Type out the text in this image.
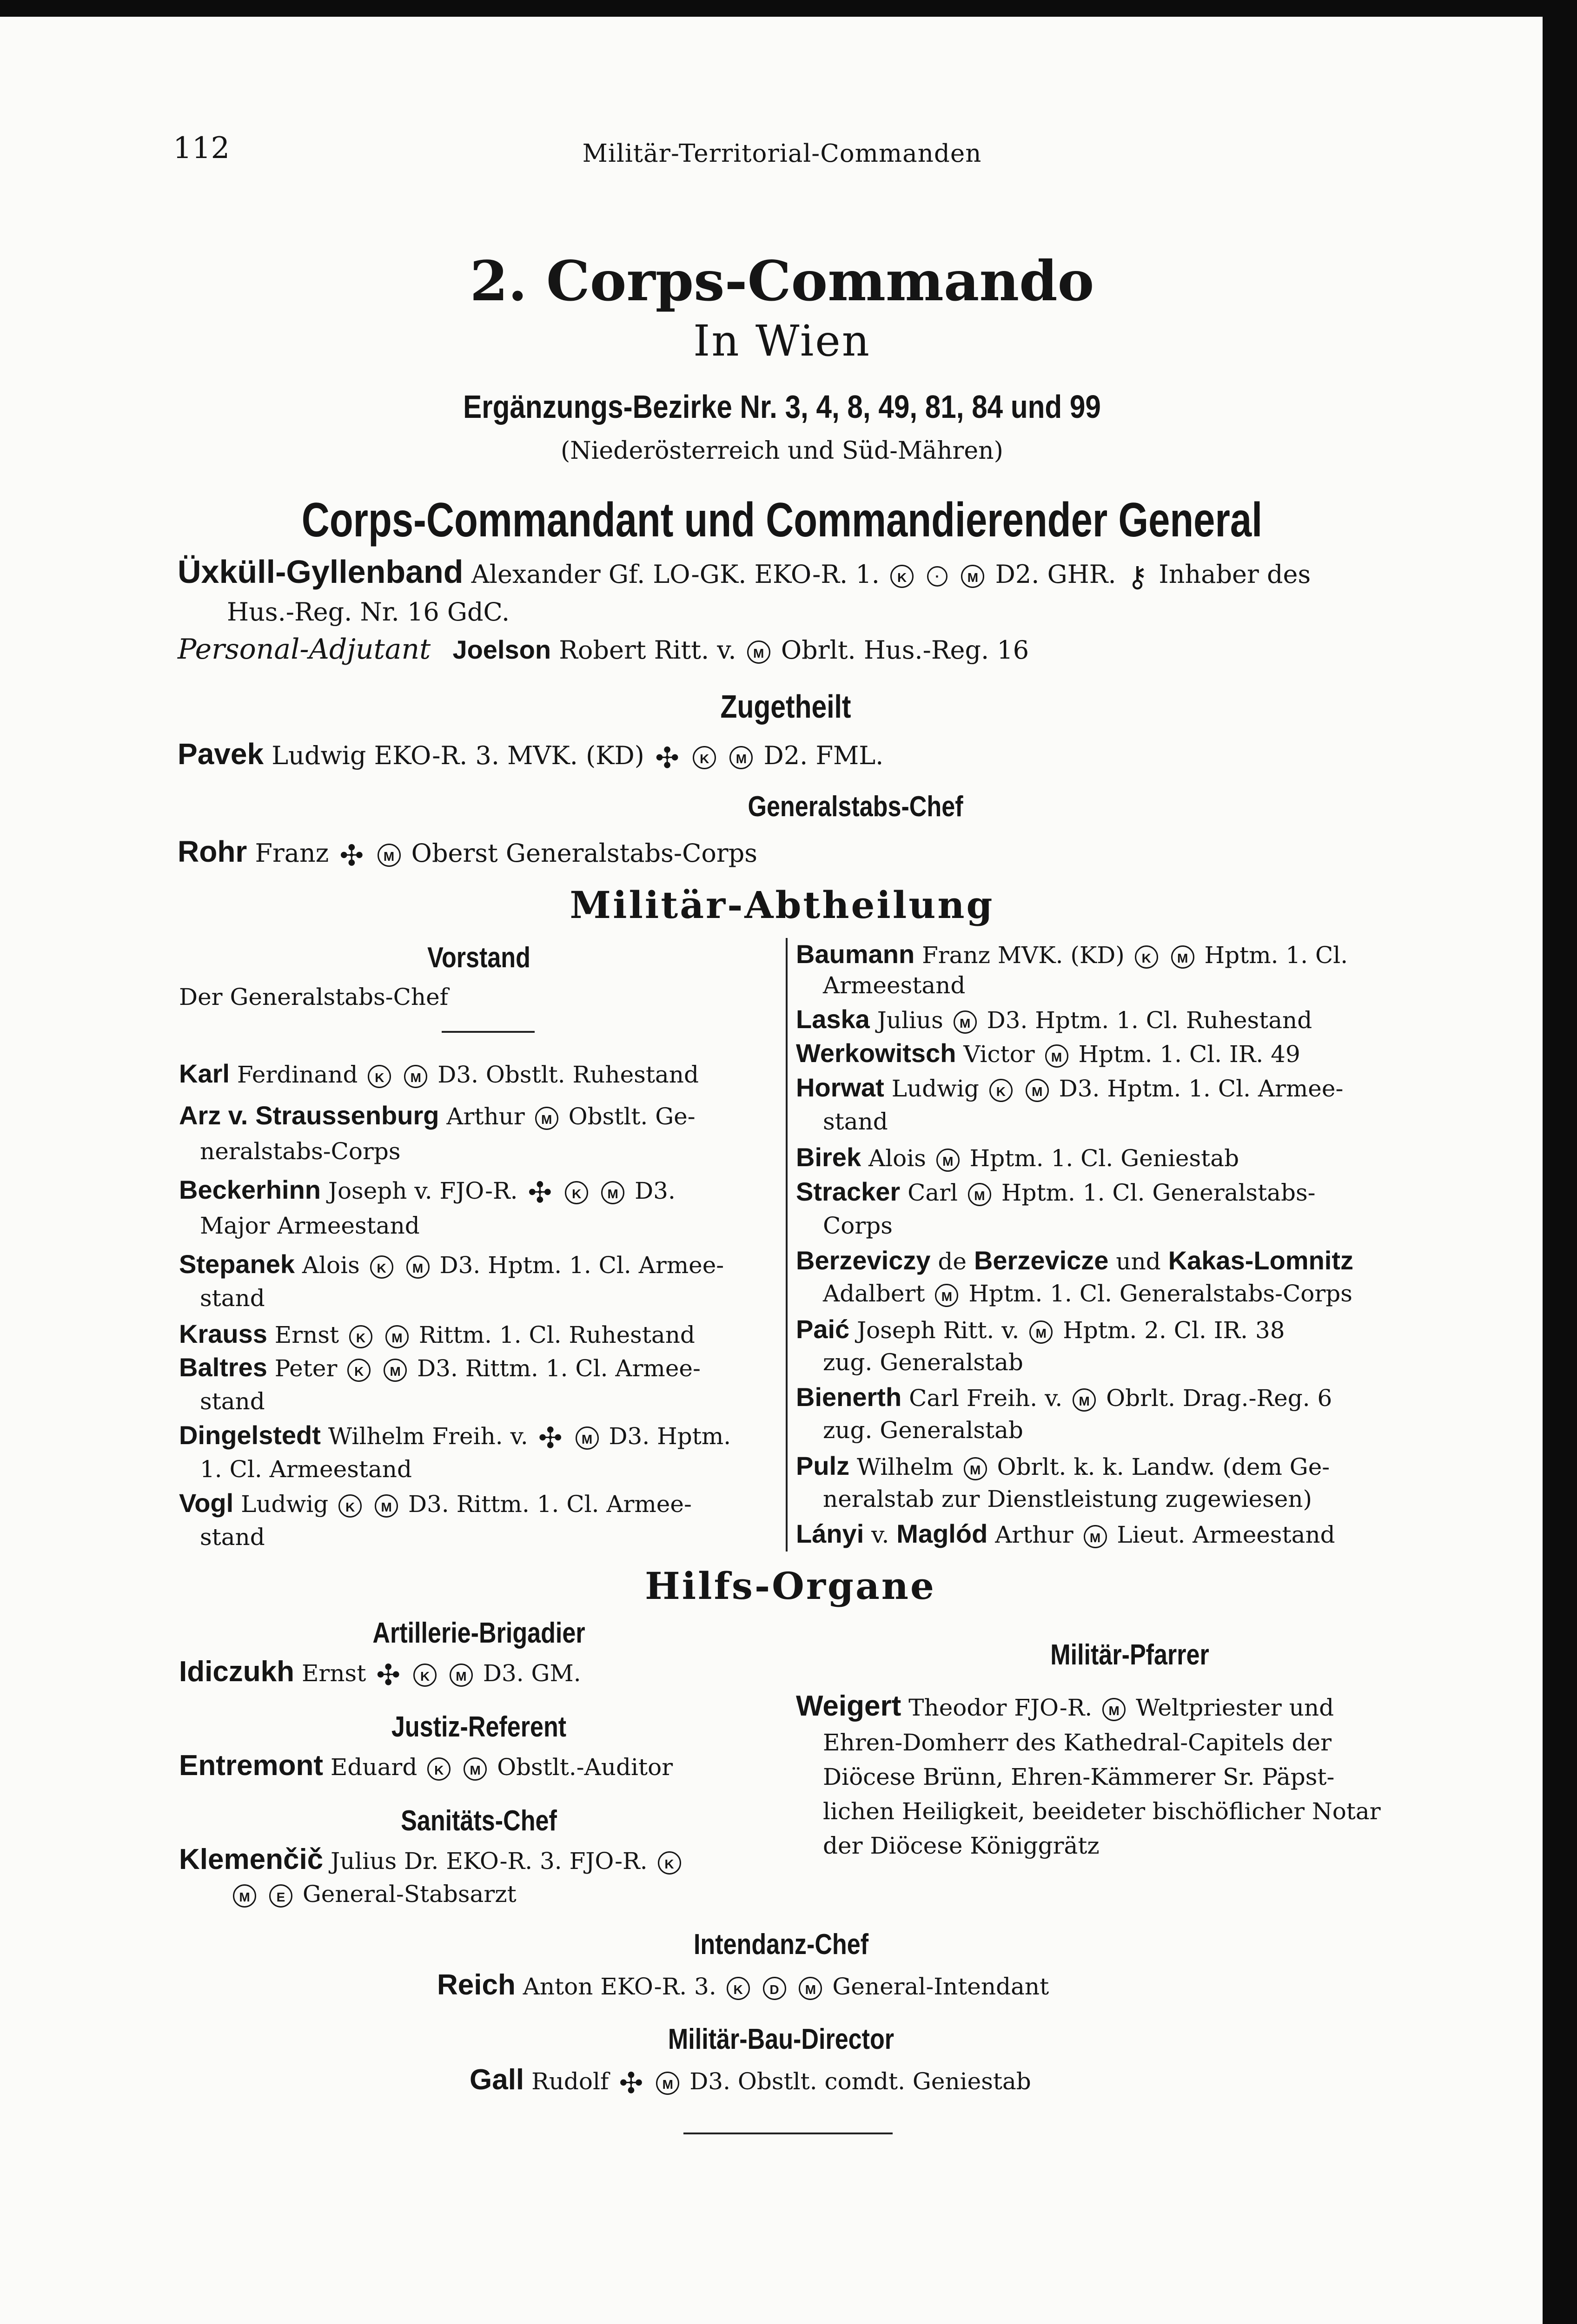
112	Militär-Territorial-Commanden
2. Corps-Commando
In Wien
Ergänzungs-Bezirke Nr. 3, 4, 8, 49, 81, 84 und 99
(Niederösterreich und Süd-Mähren)
Corps-Commandant und Commandierender General
Üxküll-Gyllenband Alexander Gf. LO-GK. EKO-R. 1. K · M D2. GHR. ⚷ Inhaber des
Hus.-Reg. Nr. 16 GdC.
Personal-Adjutant Joelson Robert Ritt. v. M Obrlt. Hus.-Reg. 16
Zugetheilt
Pavek Ludwig EKO-R. 3. MVK. (KD) ✣ K M D2. FML.
Generalstabs-Chef
Rohr Franz ✣ M Oberst Generalstabs-Corps
Militär-Abtheilung
Vorstand
Der Generalstabs-Chef
Karl Ferdinand K M D3. Obstlt. Ruhestand
Arz v. Straussenburg Arthur M Obstlt. Ge-
neralstabs-Corps
Beckerhinn Joseph v. FJO-R. ✣ K M D3.
Major Armeestand
Stepanek Alois K M D3. Hptm. 1. Cl. Armee-
stand
Krauss Ernst K M Rittm. 1. Cl. Ruhestand
Baltres Peter K M D3. Rittm. 1. Cl. Armee-
stand
Dingelstedt Wilhelm Freih. v. ✣ M D3. Hptm.
1. Cl. Armeestand
Vogl Ludwig K M D3. Rittm. 1. Cl. Armee-
stand
Baumann Franz MVK. (KD) K M Hptm. 1. Cl.
Armeestand
Laska Julius M D3. Hptm. 1. Cl. Ruhestand
Werkowitsch Victor M Hptm. 1. Cl. IR. 49
Horwat Ludwig K M D3. Hptm. 1. Cl. Armee-
stand
Birek Alois M Hptm. 1. Cl. Geniestab
Stracker Carl M Hptm. 1. Cl. Generalstabs-
Corps
Berzeviczy de Berzevicze und Kakas-Lomnitz
Adalbert M Hptm. 1. Cl. Generalstabs-Corps
Paić Joseph Ritt. v. M Hptm. 2. Cl. IR. 38
zug. Generalstab
Bienerth Carl Freih. v. M Obrlt. Drag.-Reg. 6
zug. Generalstab
Pulz Wilhelm M Obrlt. k. k. Landw. (dem Ge-
neralstab zur Dienstleistung zugewiesen)
Lányi v. Maglód Arthur M Lieut. Armeestand
Hilfs-Organe
Artillerie-Brigadier
Idiczukh Ernst ✣ K M D3. GM.
Justiz-Referent
Entremont Eduard K M Obstlt.-Auditor
Sanitäts-Chef
Klemenčič Julius Dr. EKO-R. 3. FJO-R. K
M E General-Stabsarzt
Militär-Pfarrer
Weigert Theodor FJO-R. M Weltpriester und
Ehren-Domherr des Kathedral-Capitels der
Diöcese Brünn, Ehren-Kämmerer Sr. Päpst-
lichen Heiligkeit, beeideter bischöflicher Notar
der Diöcese Königgrätz
Intendanz-Chef
Reich Anton EKO-R. 3. K D M General-Intendant
Militär-Bau-Director
Gall Rudolf ✣ M D3. Obstlt. comdt. Geniestab
